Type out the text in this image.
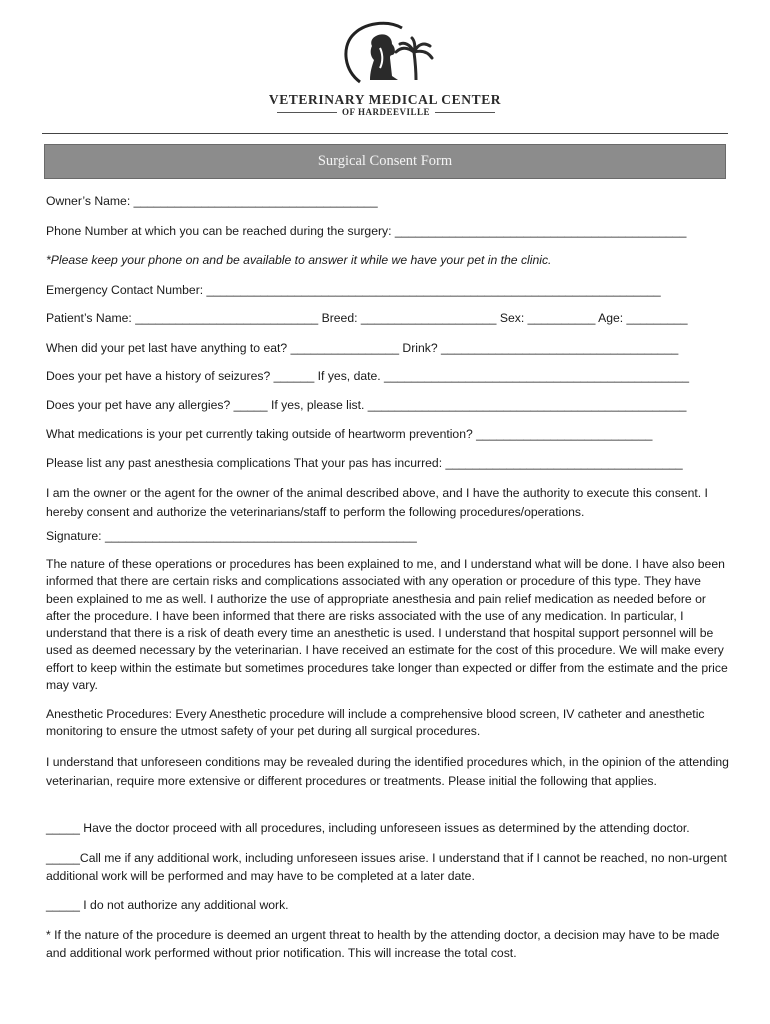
VETERINARY MEDICAL CENTER
OF HARDEEVILLE
Surgical Consent Form
Owner’s Name: ____________________________________
Phone Number at which you can be reached during the surgery: ___________________________________________
*Please keep your phone on and be available to answer it while we have your pet in the clinic.
Emergency Contact Number: ___________________________________________________________________
Patient’s Name: ___________________________ Breed: ____________________ Sex: __________ Age: _________
When did your pet last have anything to eat? ________________ Drink? ___________________________________
Does your pet have a history of seizures? ______ If yes, date. _____________________________________________
Does your pet have any allergies? _____ If yes, please list. _______________________________________________
What medications is your pet currently taking outside of heartworm prevention? __________________________
Please list any past anesthesia complications That your pas has incurred: ___________________________________
I am the owner or the agent for the owner of the animal described above, and I have the authority to execute this consent. I hereby consent and authorize the veterinarians/staff to perform the following procedures/operations.
Signature: ______________________________________________
The nature of these operations or procedures has been explained to me, and I understand what will be done. I have also been informed that there are certain risks and complications associated with any operation or procedure of this type. They have been explained to me as well. I authorize the use of appropriate anesthesia and pain relief medication as needed before or after the procedure. I have been informed that there are risks associated with the use of any medication. In particular, I understand that there is a risk of death every time an anesthetic is used. I understand that hospital support personnel will be used as deemed necessary by the veterinarian. I have received an estimate for the cost of this procedure. We will make every effort to keep within the estimate but sometimes procedures take longer than expected or differ from the estimate and the price may vary.
Anesthetic Procedures: Every Anesthetic procedure will include a comprehensive blood screen, IV catheter and anesthetic monitoring to ensure the utmost safety of your pet during all surgical procedures.
I understand that unforeseen conditions may be revealed during the identified procedures which, in the opinion of the attending veterinarian, require more extensive or different procedures or treatments. Please initial the following that applies.
_____ Have the doctor proceed with all procedures, including unforeseen issues as determined by the attending doctor.
_____Call me if any additional work, including unforeseen issues arise. I understand that if I cannot be reached, no non-urgent additional work will be performed and may have to be completed at a later date.
_____ I do not authorize any additional work.
* If the nature of the procedure is deemed an urgent threat to health by the attending doctor, a decision may have to be made and additional work performed without prior notification. This will increase the total cost.
